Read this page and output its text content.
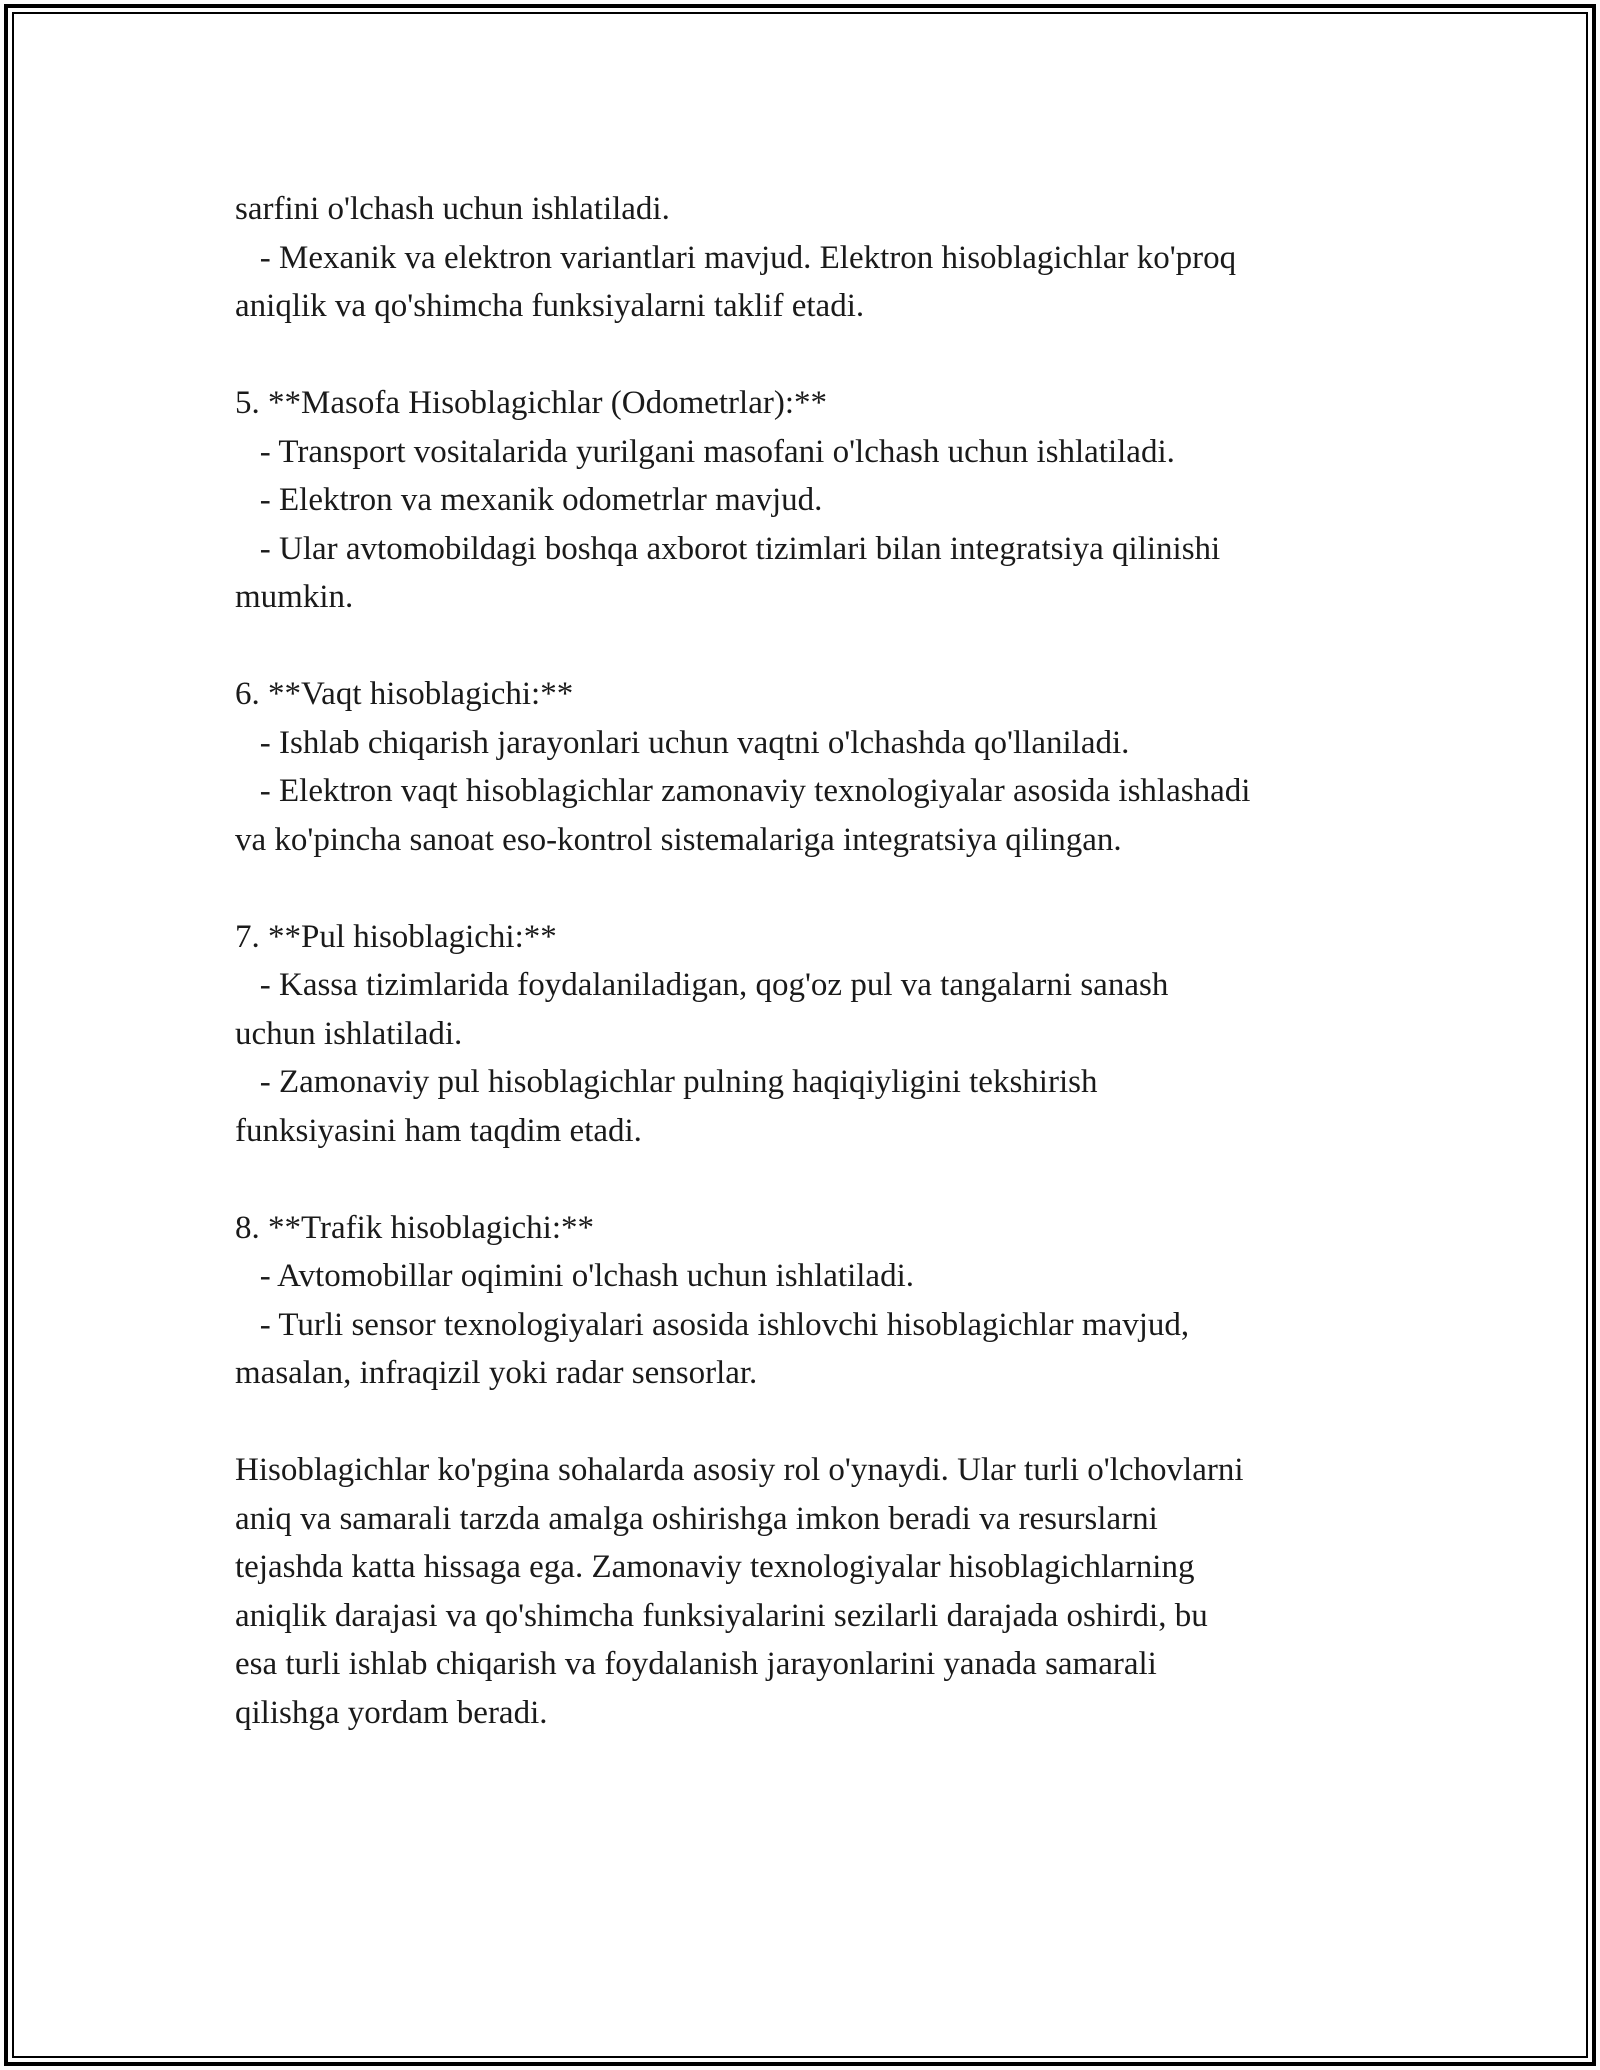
sarfini o'lchash uchun ishlatiladi.
- Mexanik va elektron variantlari mavjud. Elektron hisoblagichlar ko'proq
aniqlik va qo'shimcha funksiyalarni taklif etadi.
5. **Masofa Hisoblagichlar (Odometrlar):**
- Transport vositalarida yurilgani masofani o'lchash uchun ishlatiladi.
- Elektron va mexanik odometrlar mavjud.
- Ular avtomobildagi boshqa axborot tizimlari bilan integratsiya qilinishi
mumkin.
6. **Vaqt hisoblagichi:**
- Ishlab chiqarish jarayonlari uchun vaqtni o'lchashda qo'llaniladi.
- Elektron vaqt hisoblagichlar zamonaviy texnologiyalar asosida ishlashadi
va ko'pincha sanoat eso-kontrol sistemalariga integratsiya qilingan.
7. **Pul hisoblagichi:**
- Kassa tizimlarida foydalaniladigan, qog'oz pul va tangalarni sanash
uchun ishlatiladi.
- Zamonaviy pul hisoblagichlar pulning haqiqiyligini tekshirish
funksiyasini ham taqdim etadi.
8. **Trafik hisoblagichi:**
- Avtomobillar oqimini o'lchash uchun ishlatiladi.
- Turli sensor texnologiyalari asosida ishlovchi hisoblagichlar mavjud,
masalan, infraqizil yoki radar sensorlar.
Hisoblagichlar ko'pgina sohalarda asosiy rol o'ynaydi. Ular turli o'lchovlarni
aniq va samarali tarzda amalga oshirishga imkon beradi va resurslarni
tejashda katta hissaga ega. Zamonaviy texnologiyalar hisoblagichlarning
aniqlik darajasi va qo'shimcha funksiyalarini sezilarli darajada oshirdi, bu
esa turli ishlab chiqarish va foydalanish jarayonlarini yanada samarali
qilishga yordam beradi.
